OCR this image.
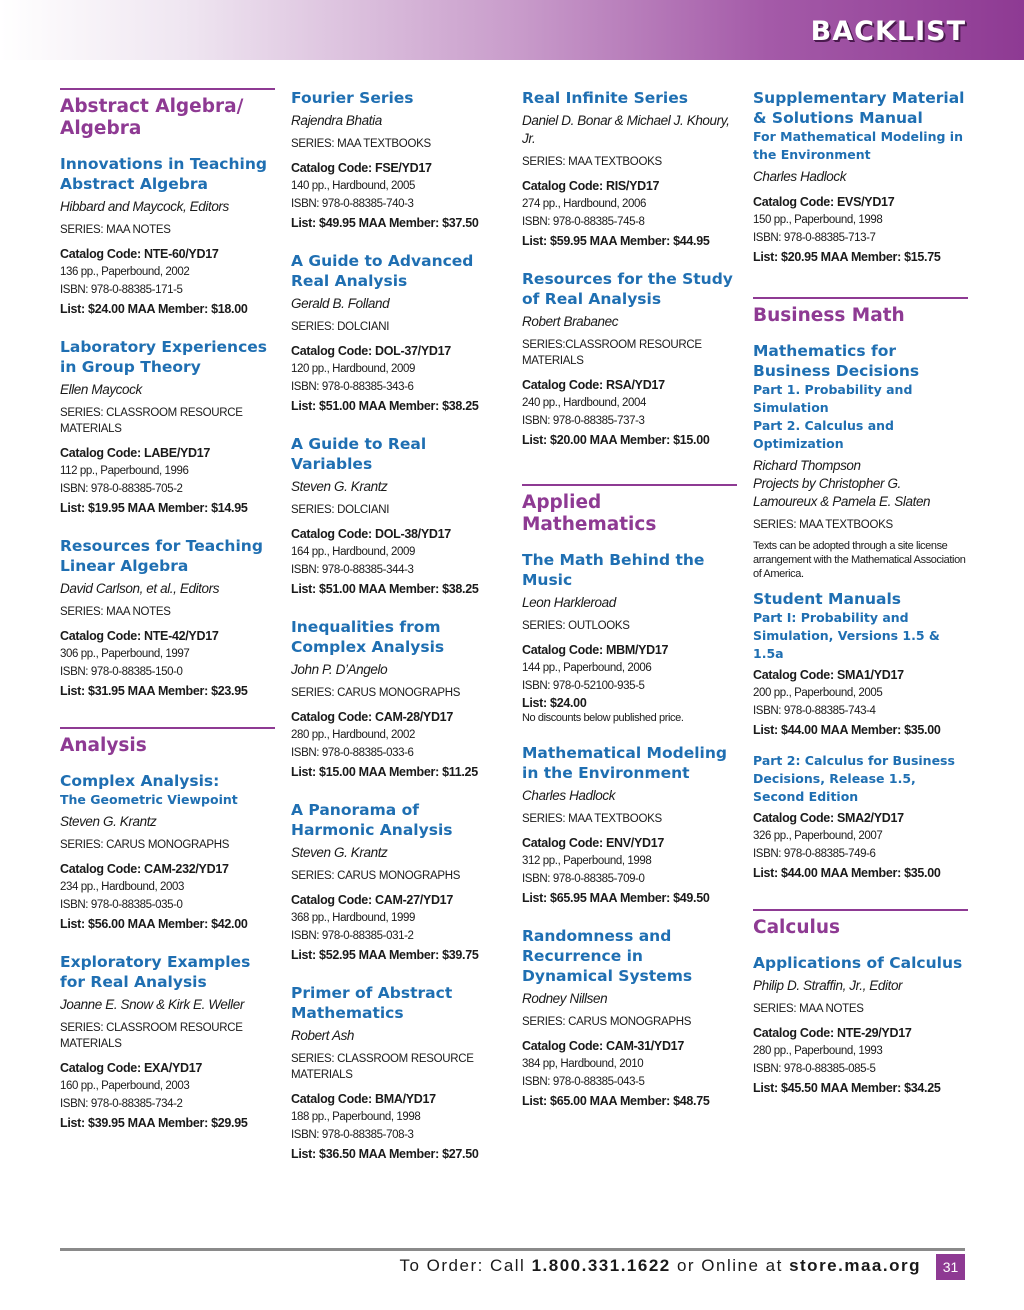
BACKLIST
Abstract Algebra/ Algebra
Innovations in Teaching Abstract Algebra
Hibbard and Maycock, Editors
SERIES: MAA NOTES
Catalog Code: NTE-60/YD17
136 pp., Paperbound, 2002
ISBN: 978-0-88385-171-5
List: $24.00 MAA Member: $18.00
Laboratory Experiences in Group Theory
Ellen Maycock
SERIES: CLASSROOM RESOURCE MATERIALS
Catalog Code: LABE/YD17
112 pp., Paperbound, 1996
ISBN: 978-0-88385-705-2
List: $19.95 MAA Member: $14.95
Resources for Teaching Linear Algebra
David Carlson, et al., Editors
SERIES: MAA NOTES
Catalog Code: NTE-42/YD17
306 pp., Paperbound, 1997
ISBN: 978-0-88385-150-0
List: $31.95 MAA Member: $23.95
Analysis
Complex Analysis:
The Geometric Viewpoint
Steven G. Krantz
SERIES: CARUS MONOGRAPHS
Catalog Code: CAM-232/YD17
234 pp., Hardbound, 2003
ISBN: 978-0-88385-035-0
List: $56.00 MAA Member: $42.00
Exploratory Examples for Real Analysis
Joanne E. Snow & Kirk E. Weller
SERIES: CLASSROOM RESOURCE MATERIALS
Catalog Code: EXA/YD17
160 pp., Paperbound, 2003
ISBN: 978-0-88385-734-2
List: $39.95 MAA Member: $29.95
Fourier Series
Rajendra Bhatia
SERIES: MAA TEXTBOOKS
Catalog Code: FSE/YD17
140 pp., Hardbound, 2005
ISBN: 978-0-88385-740-3
List: $49.95 MAA Member: $37.50
A Guide to Advanced Real Analysis
Gerald B. Folland
SERIES: DOLCIANI
Catalog Code: DOL-37/YD17
120 pp., Hardbound, 2009
ISBN: 978-0-88385-343-6
List: $51.00 MAA Member: $38.25
A Guide to Real Variables
Steven G. Krantz
SERIES: DOLCIANI
Catalog Code: DOL-38/YD17
164 pp., Hardbound, 2009
ISBN: 978-0-88385-344-3
List: $51.00 MAA Member: $38.25
Inequalities from Complex Analysis
John P. D’Angelo
SERIES: CARUS MONOGRAPHS
Catalog Code: CAM-28/YD17
280 pp., Hardbound, 2002
ISBN: 978-0-88385-033-6
List: $15.00 MAA Member: $11.25
A Panorama of Harmonic Analysis
Steven G. Krantz
SERIES: CARUS MONOGRAPHS
Catalog Code: CAM-27/YD17
368 pp., Hardbound, 1999
ISBN: 978-0-88385-031-2
List: $52.95 MAA Member: $39.75
Primer of Abstract Mathematics
Robert Ash
SERIES: CLASSROOM RESOURCE MATERIALS
Catalog Code: BMA/YD17
188 pp., Paperbound, 1998
ISBN: 978-0-88385-708-3
List: $36.50 MAA Member: $27.50
Real Infinite Series
Daniel D. Bonar & Michael J. Khoury, Jr.
SERIES: MAA TEXTBOOKS
Catalog Code: RIS/YD17
274 pp., Hardbound, 2006
ISBN: 978-0-88385-745-8
List: $59.95 MAA Member: $44.95
Resources for the Study of Real Analysis
Robert Brabanec
SERIES:CLASSROOM RESOURCE MATERIALS
Catalog Code: RSA/YD17
240 pp., Hardbound, 2004
ISBN: 978-0-88385-737-3
List: $20.00 MAA Member: $15.00
Applied Mathematics
The Math Behind the Music
Leon Harkleroad
SERIES: OUTLOOKS
Catalog Code: MBM/YD17
144 pp., Paperbound, 2006
ISBN: 978-0-52100-935-5
List: $24.00
No discounts below published price.
Mathematical Modeling in the Environment
Charles Hadlock
SERIES: MAA TEXTBOOKS
Catalog Code: ENV/YD17
312 pp., Paperbound, 1998
ISBN: 978-0-88385-709-0
List: $65.95 MAA Member: $49.50
Randomness and Recurrence in Dynamical Systems
Rodney Nillsen
SERIES: CARUS MONOGRAPHS
Catalog Code: CAM-31/YD17
384 pp, Hardbound, 2010
ISBN: 978-0-88385-043-5
List: $65.00 MAA Member: $48.75
Supplementary Material & Solutions Manual
For Mathematical Modeling in the Environment
Charles Hadlock
Catalog Code: EVS/YD17
150 pp., Paperbound, 1998
ISBN: 978-0-88385-713-7
List: $20.95 MAA Member: $15.75
Business Math
Mathematics for Business Decisions
Part 1. Probability and Simulation
Part 2. Calculus and Optimization
Richard Thompson
Projects by Christopher G. Lamoureux & Pamela E. Slaten
SERIES: MAA TEXTBOOKS
Texts can be adopted through a site license arrangement with the Mathematical Association of America.
Student Manuals
Part I: Probability and Simulation, Versions 1.5 & 1.5a
Catalog Code: SMA1/YD17
200 pp., Paperbound, 2005
ISBN: 978-0-88385-743-4
List: $44.00 MAA Member: $35.00
Part 2: Calculus for Business Decisions, Release 1.5, Second Edition
Catalog Code: SMA2/YD17
326 pp., Paperbound, 2007
ISBN: 978-0-88385-749-6
List: $44.00 MAA Member: $35.00
Calculus
Applications of Calculus
Philip D. Straffin, Jr., Editor
SERIES: MAA NOTES
Catalog Code: NTE-29/YD17
280 pp., Paperbound, 1993
ISBN: 978-0-88385-085-5
List: $45.50 MAA Member: $34.25
To Order: Call 1.800.331.1622 or Online at store.maa.org	31
